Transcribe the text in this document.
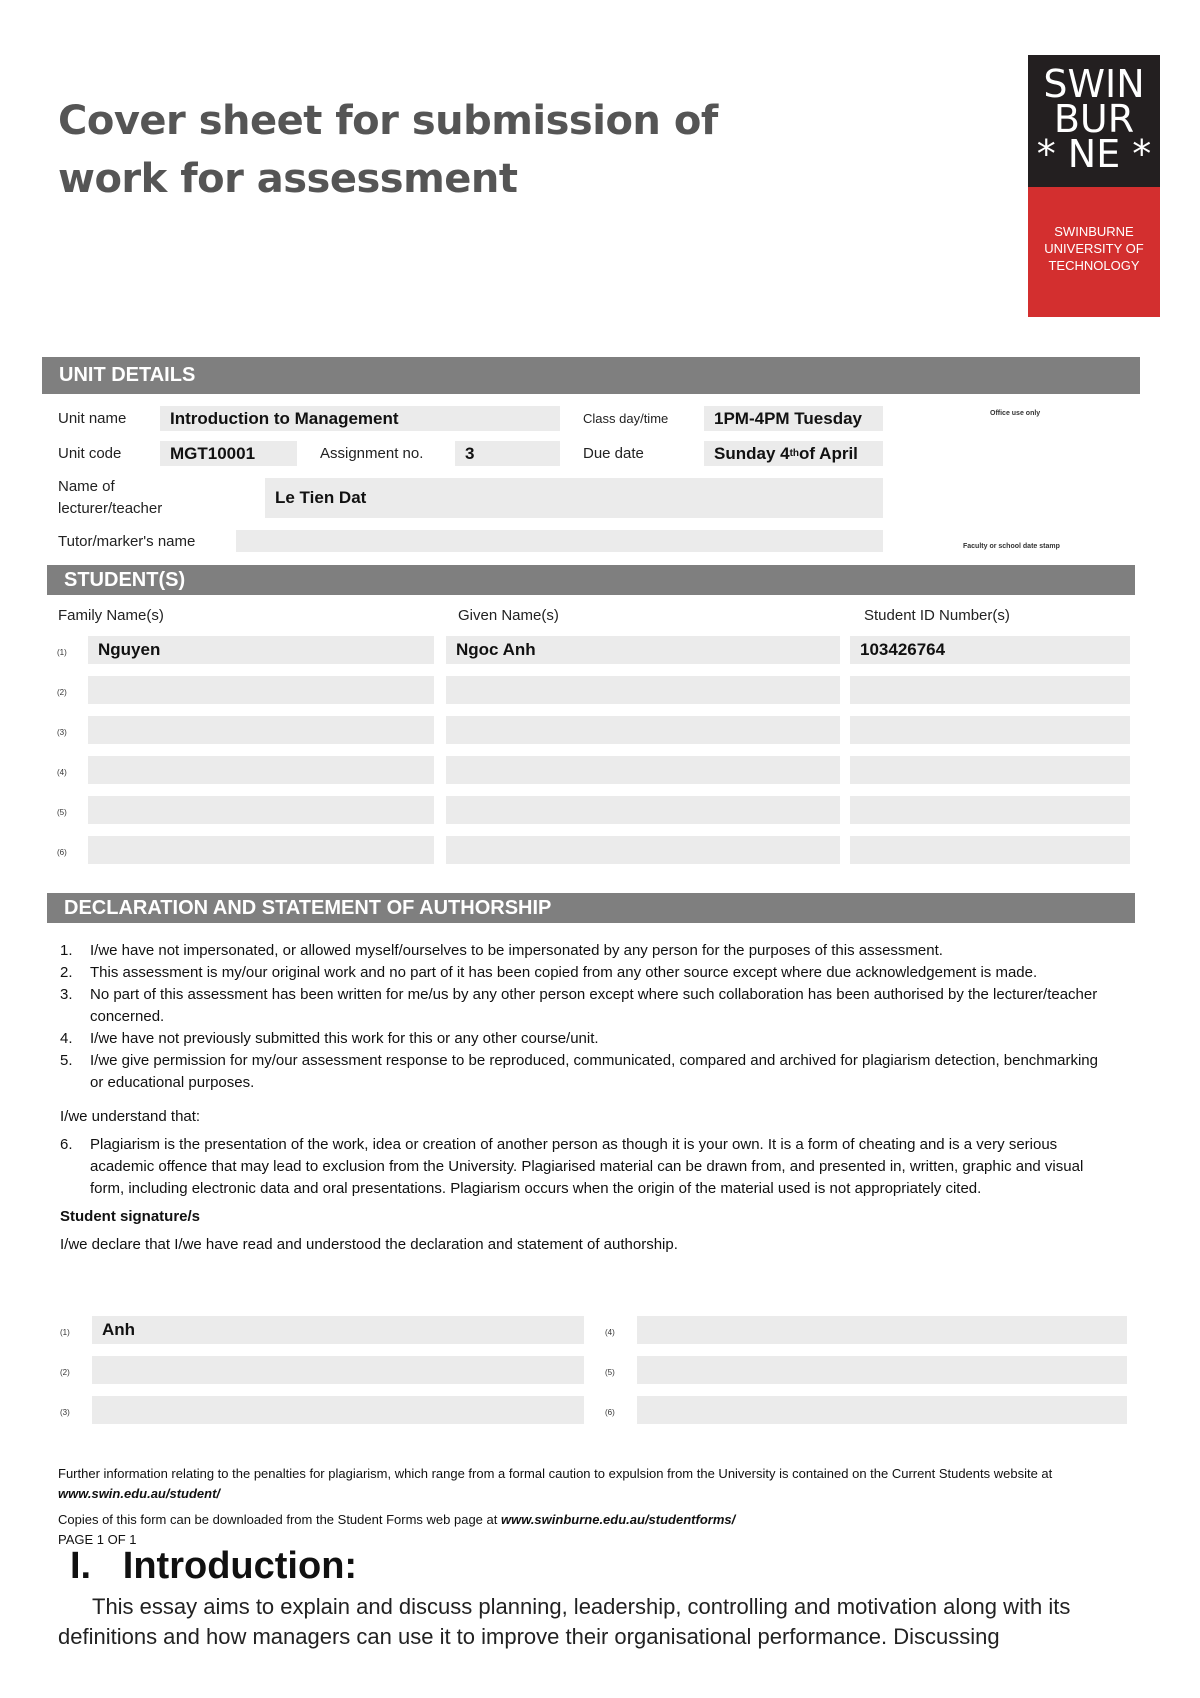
Cover sheet for submission of
work for assessment
SWIN
BUR
* NE *
SWINBURNE
UNIVERSITY OF
TECHNOLOGY
UNIT DETAILS
Unit name	Introduction to Management	Class day/time	1PM-4PM Tuesday	Office use only
Unit code	MGT10001	Assignment no.	3	Due date	Sunday 4 th of April
Name of
lecturer/teacher
Le Tien Dat
Tutor/marker's name	Faculty or school date stamp
STUDENT(S)
Family Name(s)	Given Name(s)	Student ID Number(s)
(1)	Nguyen	Ngoc Anh	103426764
(2)
(3)
(4)
(5)
(6)
DECLARATION AND STATEMENT OF AUTHORSHIP
1.	I/we have not impersonated, or allowed myself/ourselves to be impersonated by any person for the purposes of this assessment.
2.	This assessment is my/our original work and no part of it has been copied from any other source except where due acknowledgement is made.
3.	No part of this assessment has been written for me/us by any other person except where such collaboration has been authorised by the lecturer/teacher concerned.
4.	I/we have not previously submitted this work for this or any other course/unit.
5.	I/we give permission for my/our assessment response to be reproduced, communicated, compared and archived for plagiarism detection, benchmarking or educational purposes.
I/we understand that:
6.	Plagiarism is the presentation of the work, idea or creation of another person as though it is your own. It is a form of cheating and is a very serious academic offence that may lead to exclusion from the University. Plagiarised material can be drawn from, and presented in, written, graphic and visual form, including electronic data and oral presentations. Plagiarism occurs when the origin of the material used is not appropriately cited.
Student signature/s
I/we declare that I/we have read and understood the declaration and statement of authorship.
(1)	Anh
(2)
(3)
(4)
(5)
(6)
Further information relating to the penalties for plagiarism, which range from a formal caution to expulsion from the University is contained on the Current Students website at www.swin.edu.au/student/
Copies of this form can be downloaded from the Student Forms web page at www.swinburne.edu.au/studentforms/
PAGE 1 OF 1
I.   Introduction:
This essay aims to explain and discuss planning, leadership, controlling and motivation along with its definitions and how managers can use it to improve their organisational performance. Discussing
